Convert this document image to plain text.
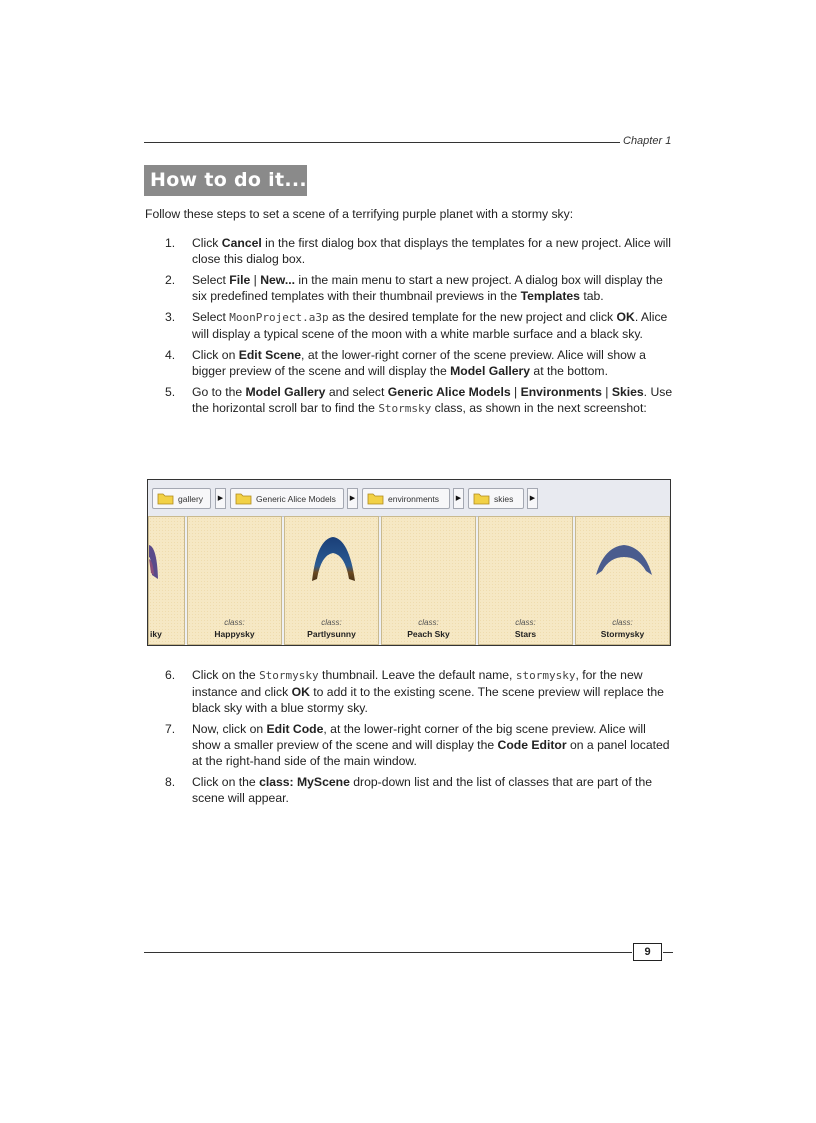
Chapter 1
How to do it...
Follow these steps to set a scene of a terrifying purple planet with a stormy sky:
1.	Click Cancel in the first dialog box that displays the templates for a new project. Alice will close this dialog box.
2.	Select File | New... in the main menu to start a new project. A dialog box will display the six predefined templates with their thumbnail previews in the Templates tab.
3.	Select MoonProject.a3p as the desired template for the new project and click OK. Alice will display a typical scene of the moon with a white marble surface and a black sky.
4.	Click on Edit Scene, at the lower-right corner of the scene preview. Alice will show a bigger preview of the scene and will display the Model Gallery at the bottom.
5.	Go to the Model Gallery and select Generic Alice Models | Environments | Skies. Use the horizontal scroll bar to find the Stormsky class, as shown in the next screenshot:
gallery	▶	Generic Alice Models	▶	environments	▶	skies	▶
iky
class:
Happysky
class:
Partlysunny
class:
Peach Sky
class:
Stars
class:
Stormysky
6.	Click on the Stormysky thumbnail. Leave the default name, stormysky, for the new instance and click OK to add it to the existing scene. The scene preview will replace the black sky with a blue stormy sky.
7.	Now, click on Edit Code, at the lower-right corner of the big scene preview. Alice will show a smaller preview of the scene and will display the Code Editor on a panel located at the right-hand side of the main window.
8.	Click on the class: MyScene drop-down list and the list of classes that are part of the scene will appear.
9
